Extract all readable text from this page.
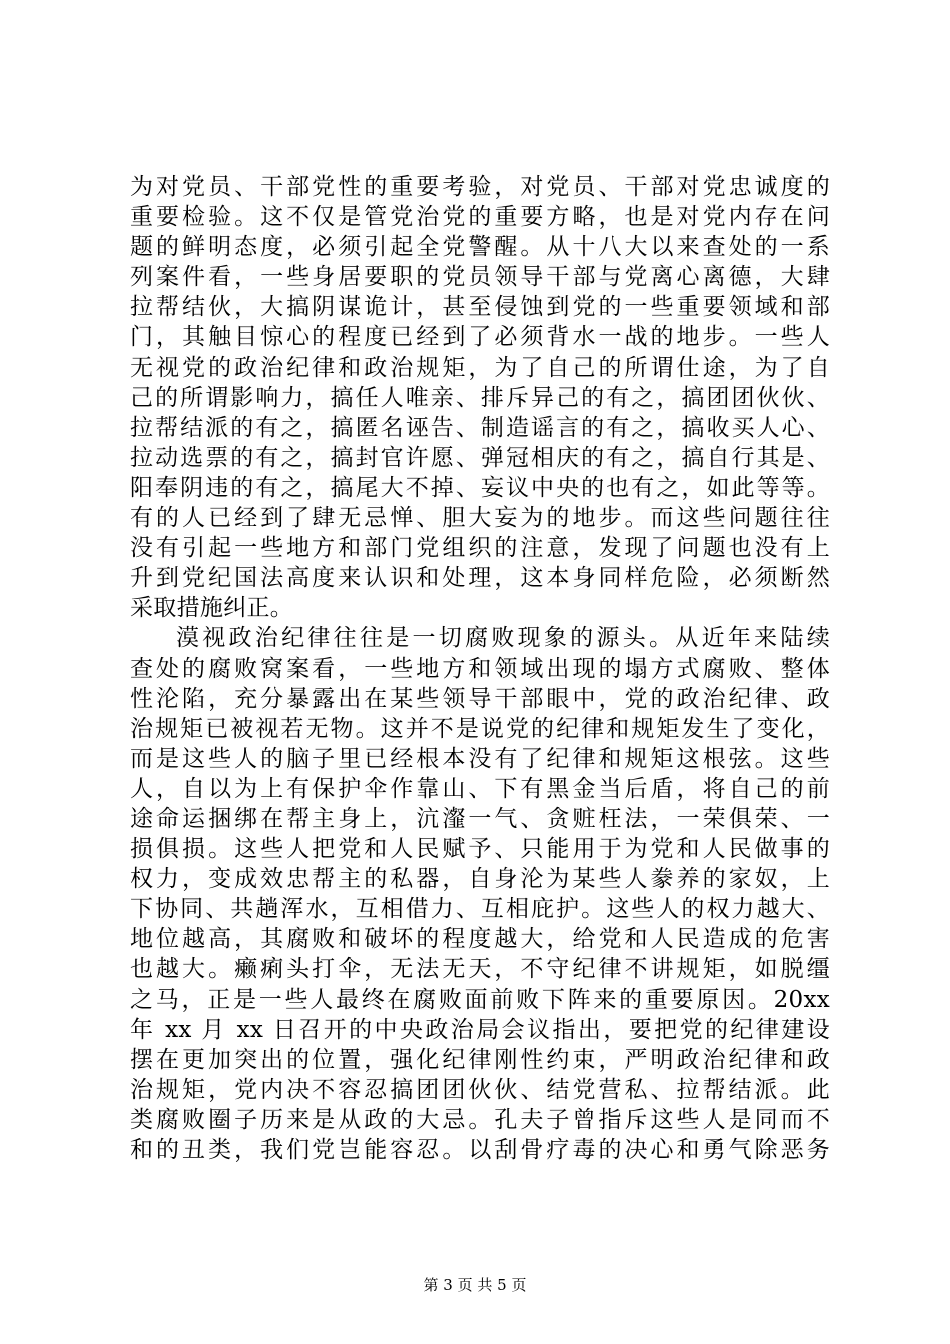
为对党员、干部党性的重要考验，对党员、干部对党忠诚度的
重要检验。这不仅是管党治党的重要方略，也是对党内存在问
题的鲜明态度，必须引起全党警醒。从十八大以来查处的一系
列案件看，一些身居要职的党员领导干部与党离心离德，大肆
拉帮结伙，大搞阴谋诡计，甚至侵蚀到党的一些重要领域和部
门，其触目惊心的程度已经到了必须背水一战的地步。一些人
无视党的政治纪律和政治规矩，为了自己的所谓仕途，为了自
己的所谓影响力，搞任人唯亲、排斥异己的有之，搞团团伙伙、
拉帮结派的有之，搞匿名诬告、制造谣言的有之，搞收买人心、
拉动选票的有之，搞封官许愿、弹冠相庆的有之，搞自行其是、
阳奉阴违的有之，搞尾大不掉、妄议中央的也有之，如此等等。
有的人已经到了肆无忌惮、胆大妄为的地步。而这些问题往往
没有引起一些地方和部门党组织的注意，发现了问题也没有上
升到党纪国法高度来认识和处理，这本身同样危险，必须断然
采取措施纠正。
漠视政治纪律往往是一切腐败现象的源头。从近年来陆续
查处的腐败窝案看，一些地方和领域出现的塌方式腐败、整体
性沦陷，充分暴露出在某些领导干部眼中，党的政治纪律、政
治规矩已被视若无物。这并不是说党的纪律和规矩发生了变化，
而是这些人的脑子里已经根本没有了纪律和规矩这根弦。这些
人，自以为上有保护伞作靠山、下有黑金当后盾，将自己的前
途命运捆绑在帮主身上，沆瀣一气、贪赃枉法，一荣俱荣、一
损俱损。这些人把党和人民赋予、只能用于为党和人民做事的
权力，变成效忠帮主的私器，自身沦为某些人豢养的家奴，上
下协同、共趟浑水，互相借力、互相庇护。这些人的权力越大、
地位越高，其腐败和破坏的程度越大，给党和人民造成的危害
也越大。癞痢头打伞，无法无天，不守纪律不讲规矩，如脱缰
之马，正是一些人最终在腐败面前败下阵来的重要原因。20xx
年 xx 月 xx 日召开的中央政治局会议指出，要把党的纪律建设
摆在更加突出的位置，强化纪律刚性约束，严明政治纪律和政
治规矩，党内决不容忍搞团团伙伙、结党营私、拉帮结派。此
类腐败圈子历来是从政的大忌。孔夫子曾指斥这些人是同而不
和的丑类，我们党岂能容忍。以刮骨疗毒的决心和勇气除恶务
第 3 页 共 5 页
